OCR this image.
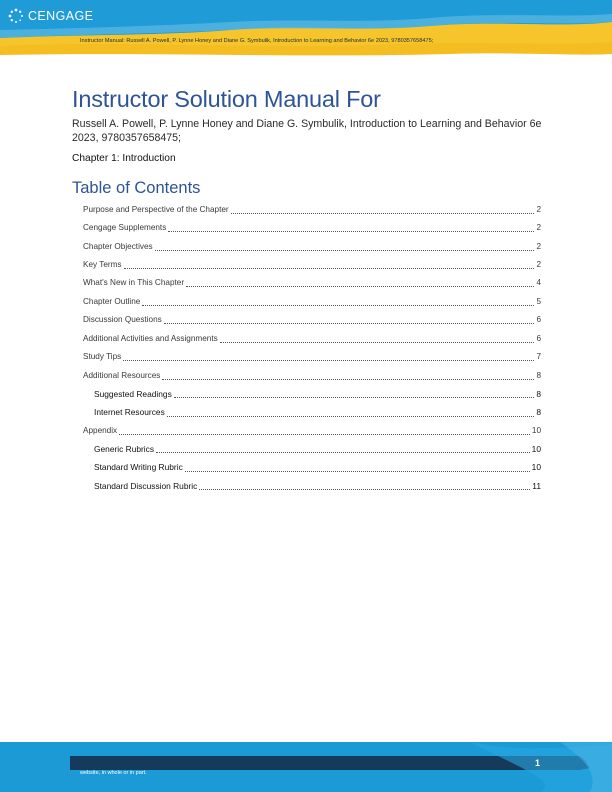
CENGAGE
Instructor Manual: Russell A. Powell, P. Lynne Honey and Diane G. Symbulik, Introduction to Learning and Behavior 6e 2023, 9780357658475;
Instructor Solution Manual For
Russell A. Powell, P. Lynne Honey and Diane G. Symbulik, Introduction to Learning and Behavior 6e 2023, 9780357658475;
Chapter 1: Introduction
Table of Contents
Purpose and Perspective of the Chapter	2
Cengage Supplements	2
Chapter Objectives	2
Key Terms	2
What's New in This Chapter	4
Chapter Outline	5
Discussion Questions	6
Additional Activities and Assignments	6
Study Tips	7
Additional Resources	8
Suggested Readings	8
Internet Resources	8
Appendix	10
Generic Rubrics	10
Standard Writing Rubric	10
Standard Discussion Rubric	11
1
website, in whole or in part.
